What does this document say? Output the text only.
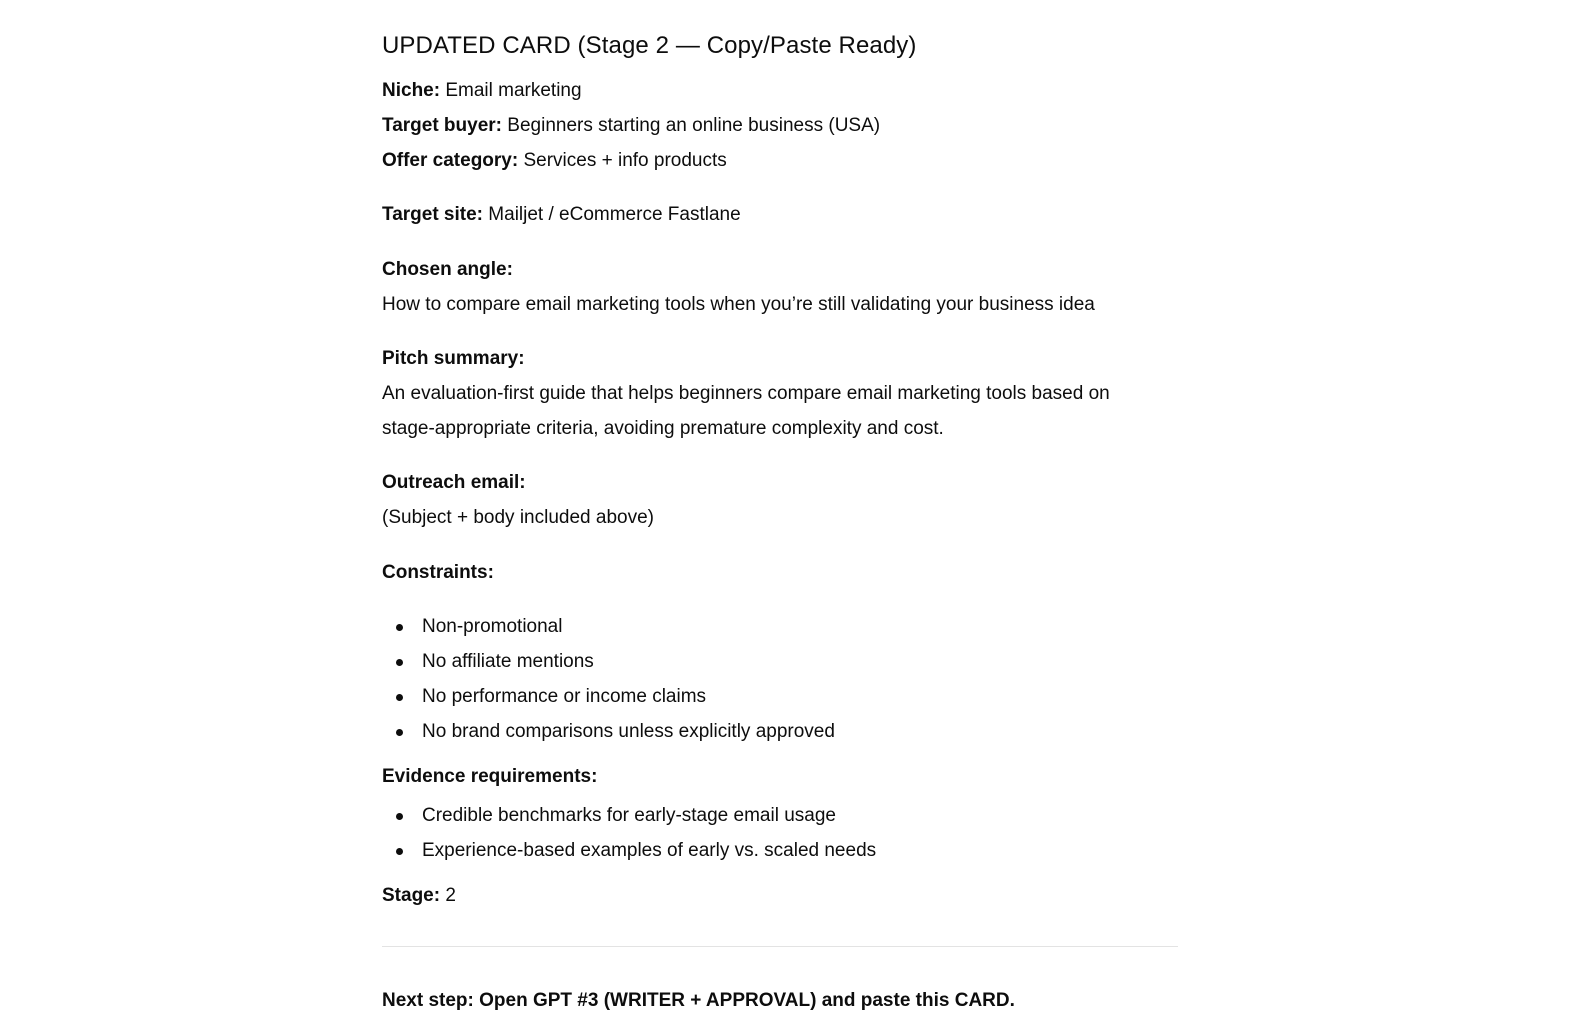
UPDATED CARD (Stage 2 — Copy/Paste Ready)

Niche: Email marketing

Target buyer: Beginners starting an online business (USA)

Offer category: Services + info products

Target site: Mailjet / eCommerce Fastlane

Chosen angle:

How to compare email marketing tools when you’re still validating your business idea

Pitch summary:

An evaluation-first guide that helps beginners compare email marketing tools based on

stage-appropriate criteria, avoiding premature complexity and cost.

Outreach email:

(Subject + body included above)

Constraints:

Non-promotional
No affiliate mentions
No performance or income claims
No brand comparisons unless explicitly approved

Evidence requirements:

Credible benchmarks for early-stage email usage
Experience-based examples of early vs. scaled needs

Stage: 2

Next step: Open GPT #3 (WRITER + APPROVAL) and paste this CARD.
